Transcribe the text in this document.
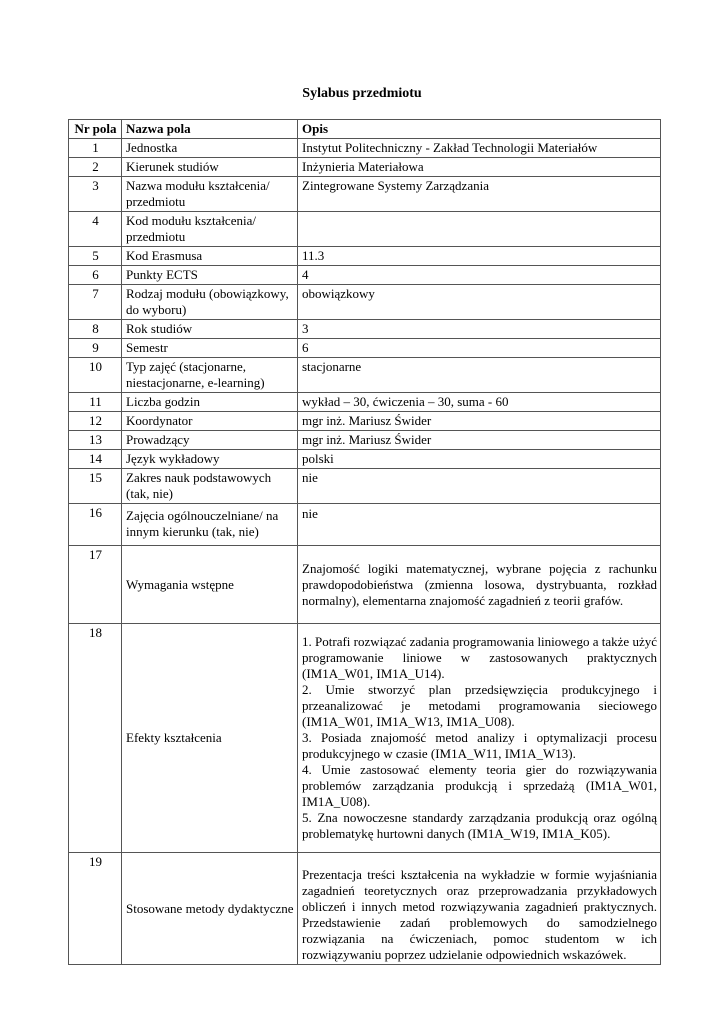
Sylabus przedmiotu
Nr pola	Nazwa pola	Opis
1	Jednostka	Instytut Politechniczny - Zakład Technologii Materiałów
2	Kierunek studiów	Inżynieria Materiałowa
3	Nazwa modułu kształcenia/ przedmiotu	Zintegrowane Systemy Zarządzania
4	Kod modułu kształcenia/ przedmiotu	
5	Kod Erasmusa	11.3
6	Punkty ECTS	4
7	Rodzaj modułu (obowiązkowy, do wyboru)	obowiązkowy
8	Rok studiów	3
9	Semestr	6
10	Typ zajęć (stacjonarne, niestacjonarne, e-learning)	stacjonarne
11	Liczba godzin	wykład – 30, ćwiczenia – 30, suma - 60
12	Koordynator	mgr inż. Mariusz Świder
13	Prowadzący	mgr inż. Mariusz Świder
14	Język wykładowy	polski
15	Zakres nauk podstawowych (tak, nie)	nie
16	Zajęcia ogólnouczelniane/ na innym kierunku (tak, nie)	nie
17	Wymagania wstępne	Znajomość logiki matematycznej, wybrane pojęcia z rachunku prawdopodobieństwa (zmienna losowa, dystrybuanta, rozkład normalny), elementarna znajomość zagadnień z teorii grafów.
18	Efekty kształcenia	1. Potrafi rozwiązać zadania programowania liniowego a także użyć programowanie liniowe w zastosowanych praktycznych (IM1A_W01, IM1A_U14).
2. Umie stworzyć plan przedsięwzięcia produkcyjnego i przeanalizować je metodami programowania sieciowego (IM1A_W01, IM1A_W13, IM1A_U08).
3. Posiada znajomość metod analizy i optymalizacji procesu produkcyjnego w czasie (IM1A_W11, IM1A_W13).
4. Umie zastosować elementy teoria gier do rozwiązywania problemów zarządzania produkcją i sprzedażą (IM1A_W01, IM1A_U08).
5. Zna nowoczesne standardy zarządzania produkcją oraz ogólną problematykę hurtowni danych (IM1A_W19, IM1A_K05).

19	Stosowane metody dydaktyczne	Prezentacja treści kształcenia na wykładzie w formie wyjaśniania zagadnień teoretycznych oraz przeprowadzania przykładowych obliczeń i innych metod rozwiązywania zagadnień praktycznych. Przedstawienie zadań problemowych do samodzielnego rozwiązania na ćwiczeniach, pomoc studentom w ich rozwiązywaniu poprzez udzielanie odpowiednich wskazówek.
